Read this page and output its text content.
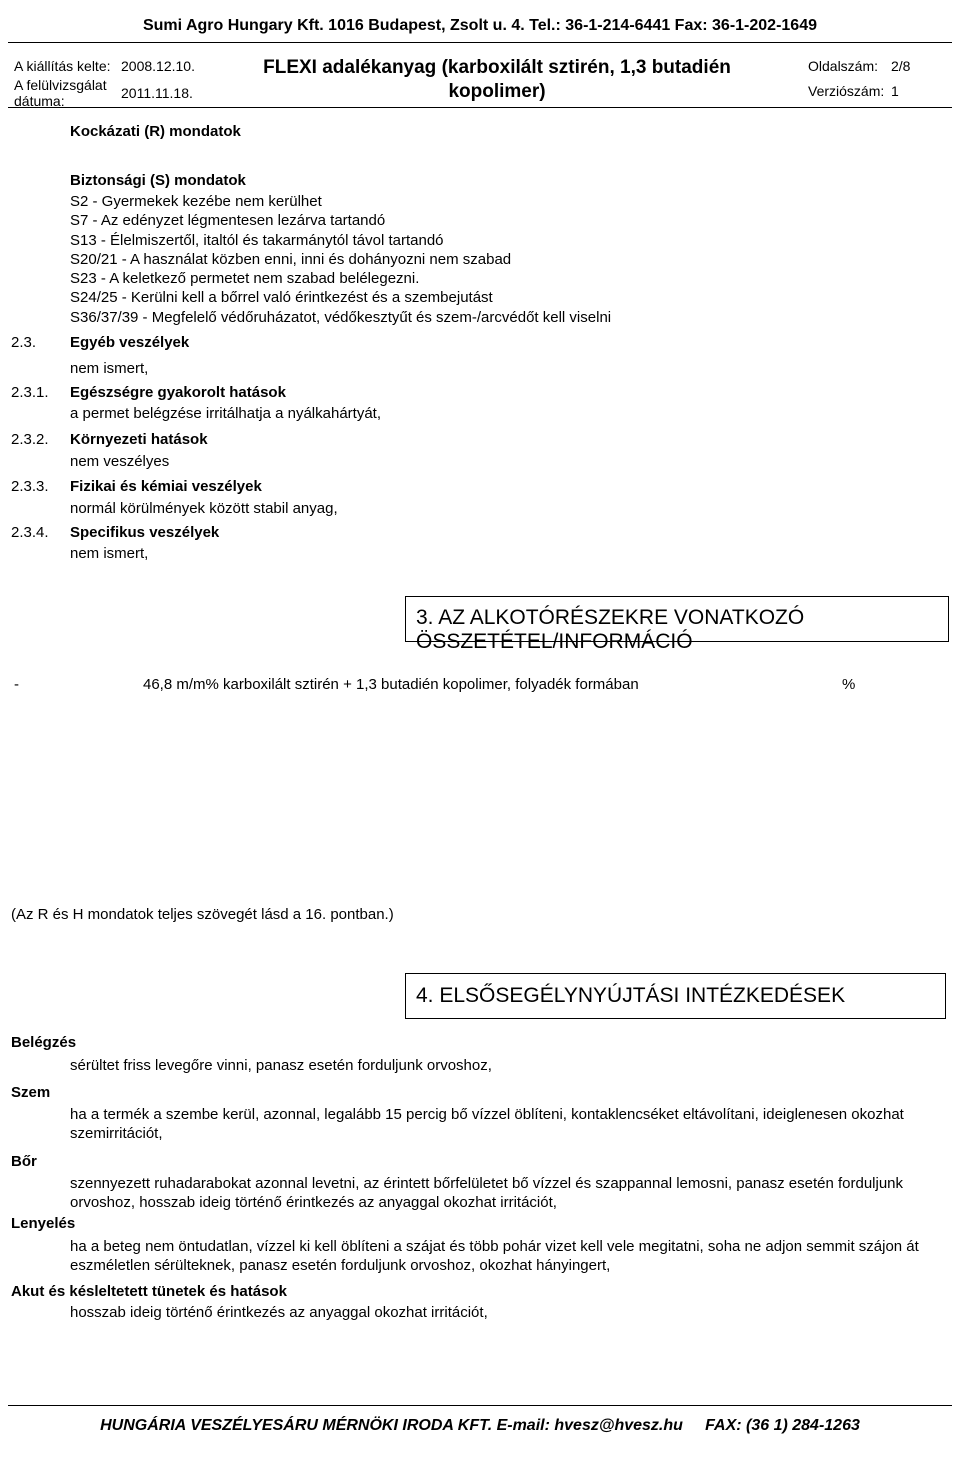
Sumi Agro Hungary Kft. 1016 Budapest, Zsolt u. 4. Tel.: 36-1-214-6441 Fax: 36-1-202-1649
A kiállítás kelte: 2008.12.10.
A felülvizsgálat
dátuma:	2011.11.18.
FLEXI adalékanyag (karboxilált sztirén, 1,3 butadién
kopolimer)
Oldalszám: 2/8
Verziószám: 1
Kockázati (R) mondatok
Biztonsági (S) mondatok
S2 - Gyermekek kezébe nem kerülhet
S7 - Az edényzet légmentesen lezárva tartandó
S13 - Élelmiszertől, italtól és takarmánytól távol tartandó
S20/21 - A használat közben enni, inni és dohányozni nem szabad
S23 - A keletkező permetet nem szabad belélegezni.
S24/25 - Kerülni kell a bőrrel való érintkezést és a szembejutást
S36/37/39 - Megfelelő védőruházatot, védőkesztyűt és szem-/arcvédőt kell viselni
2.3. Egyéb veszélyek
nem ismert,
2.3.1. Egészségre gyakorolt hatások
a permet belégzése irritálhatja a nyálkahártyát,
2.3.2. Környezeti hatások
nem veszélyes
2.3.3. Fizikai és kémiai veszélyek
normál körülmények között stabil anyag,
2.3.4. Specifikus veszélyek
nem ismert,
3. AZ ALKOTÓRÉSZEKRE VONATKOZÓ ÖSSZETÉTEL/INFORMÁCIÓ
-	46,8 m/m% karboxilált sztirén + 1,3 butadién kopolimer, folyadék formában	%
(Az R és H mondatok teljes szövegét lásd a 16. pontban.)
4. ELSŐSEGÉLYNYÚJTÁSI INTÉZKEDÉSEK
Belégzés
sérültet friss levegőre vinni, panasz esetén forduljunk orvoshoz,
Szem
ha a termék a szembe kerül, azonnal, legalább 15 percig bő vízzel öblíteni, kontaklencséket eltávolítani, ideiglenesen okozhat szemirritációt,
Bőr
szennyezett ruhadarabokat azonnal levetni, az érintett bőrfelületet bő vízzel és szappannal lemosni, panasz esetén forduljunk orvoshoz, hosszab ideig történő érintkezés az anyaggal okozhat irritációt,
Lenyelés
ha a beteg nem öntudatlan, vízzel ki kell öblíteni a szájat és több pohár vizet kell vele megitatni, soha ne adjon semmit szájon át eszméletlen sérülteknek, panasz esetén forduljunk orvoshoz, okozhat hányingert,
Akut és késleltetett tünetek és hatások
hosszab ideig történő érintkezés az anyaggal okozhat irritációt,
HUNGÁRIA VESZÉLYESÁRU MÉRNÖKI IRODA KFT. E-mail: hvesz@hvesz.hu     FAX: (36 1) 284-1263
